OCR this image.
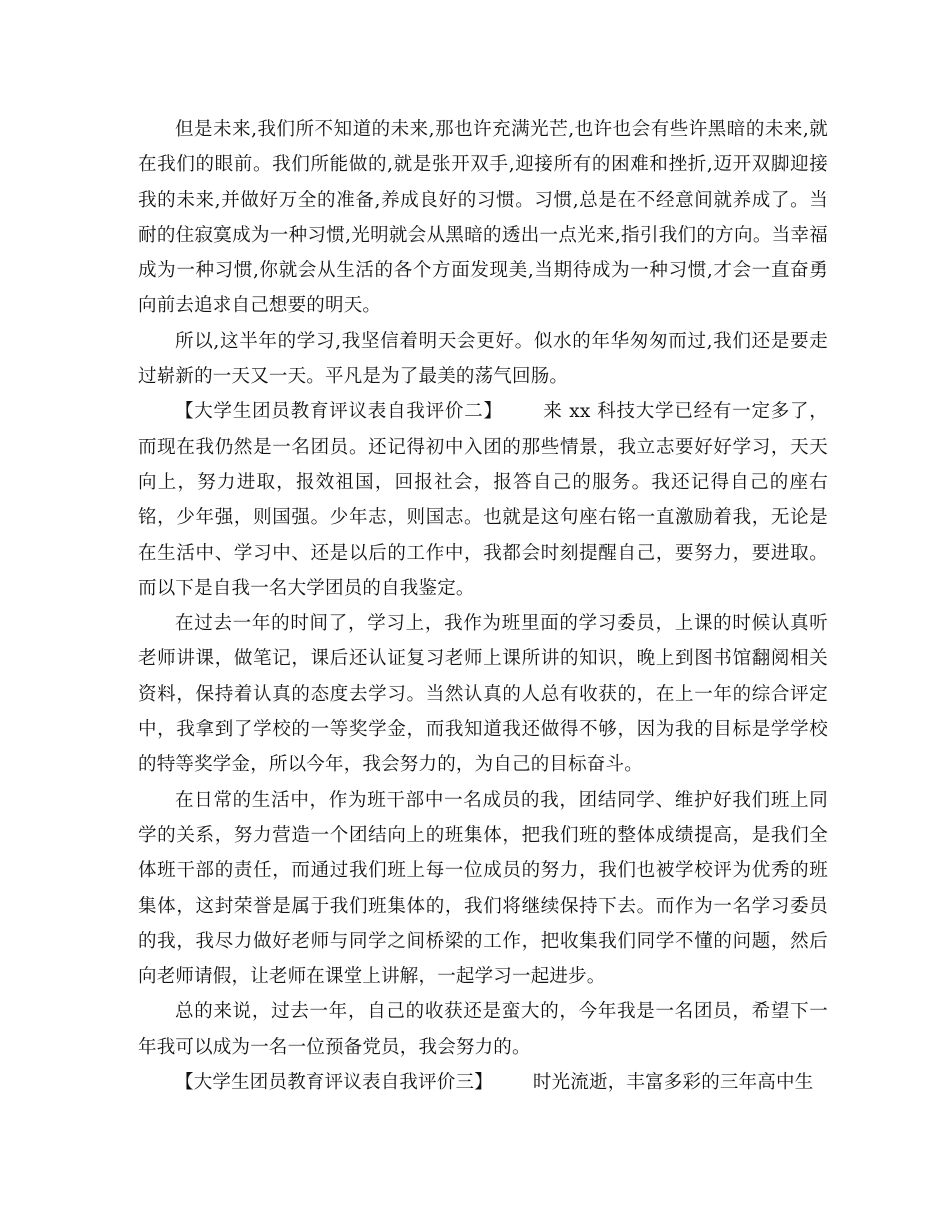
但是未来,我们所不知道的未来,那也许充满光芒,也许也会有些许黑暗的未来,就在我们的眼前。我们所能做的,就是张开双手,迎接所有的困难和挫折,迈开双脚迎接我的未来,并做好万全的准备,养成良好的习惯。习惯,总是在不经意间就养成了。当耐的住寂寞成为一种习惯,光明就会从黑暗的透出一点光来,指引我们的方向。当幸福成为一种习惯,你就会从生活的各个方面发现美,当期待成为一种习惯,才会一直奋勇向前去追求自己想要的明天。

所以,这半年的学习,我坚信着明天会更好。似水的年华匆匆而过,我们还是要走过崭新的一天又一天。平凡是为了最美的荡气回肠。

【大学生团员教育评议表自我评价二】 来 xx 科技大学已经有一定多了，而现在我仍然是一名团员。还记得初中入团的那些情景，我立志要好好学习，天天向上，努力进取，报效祖国，回报社会，报答自己的服务。我还记得自己的座右铭，少年强，则国强。少年志，则国志。也就是这句座右铭一直激励着我，无论是在生活中、学习中、还是以后的工作中，我都会时刻提醒自己，要努力，要进取。而以下是自我一名大学团员的自我鉴定。

在过去一年的时间了，学习上，我作为班里面的学习委员，上课的时候认真听老师讲课，做笔记，课后还认证复习老师上课所讲的知识，晚上到图书馆翻阅相关资料，保持着认真的态度去学习。当然认真的人总有收获的，在上一年的综合评定中，我拿到了学校的一等奖学金，而我知道我还做得不够，因为我的目标是学学校的特等奖学金，所以今年，我会努力的，为自己的目标奋斗。

在日常的生活中，作为班干部中一名成员的我，团结同学、维护好我们班上同学的关系，努力营造一个团结向上的班集体，把我们班的整体成绩提高，是我们全体班干部的责任，而通过我们班上每一位成员的努力，我们也被学校评为优秀的班集体，这封荣誉是属于我们班集体的，我们将继续保持下去。而作为一名学习委员的我，我尽力做好老师与同学之间桥梁的工作，把收集我们同学不懂的问题，然后向老师请假，让老师在课堂上讲解，一起学习一起进步。

总的来说，过去一年，自己的收获还是蛮大的，今年我是一名团员，希望下一年我可以成为一名一位预备党员，我会努力的。

【大学生团员教育评议表自我评价三】 时光流逝，丰富多彩的三年高中生
